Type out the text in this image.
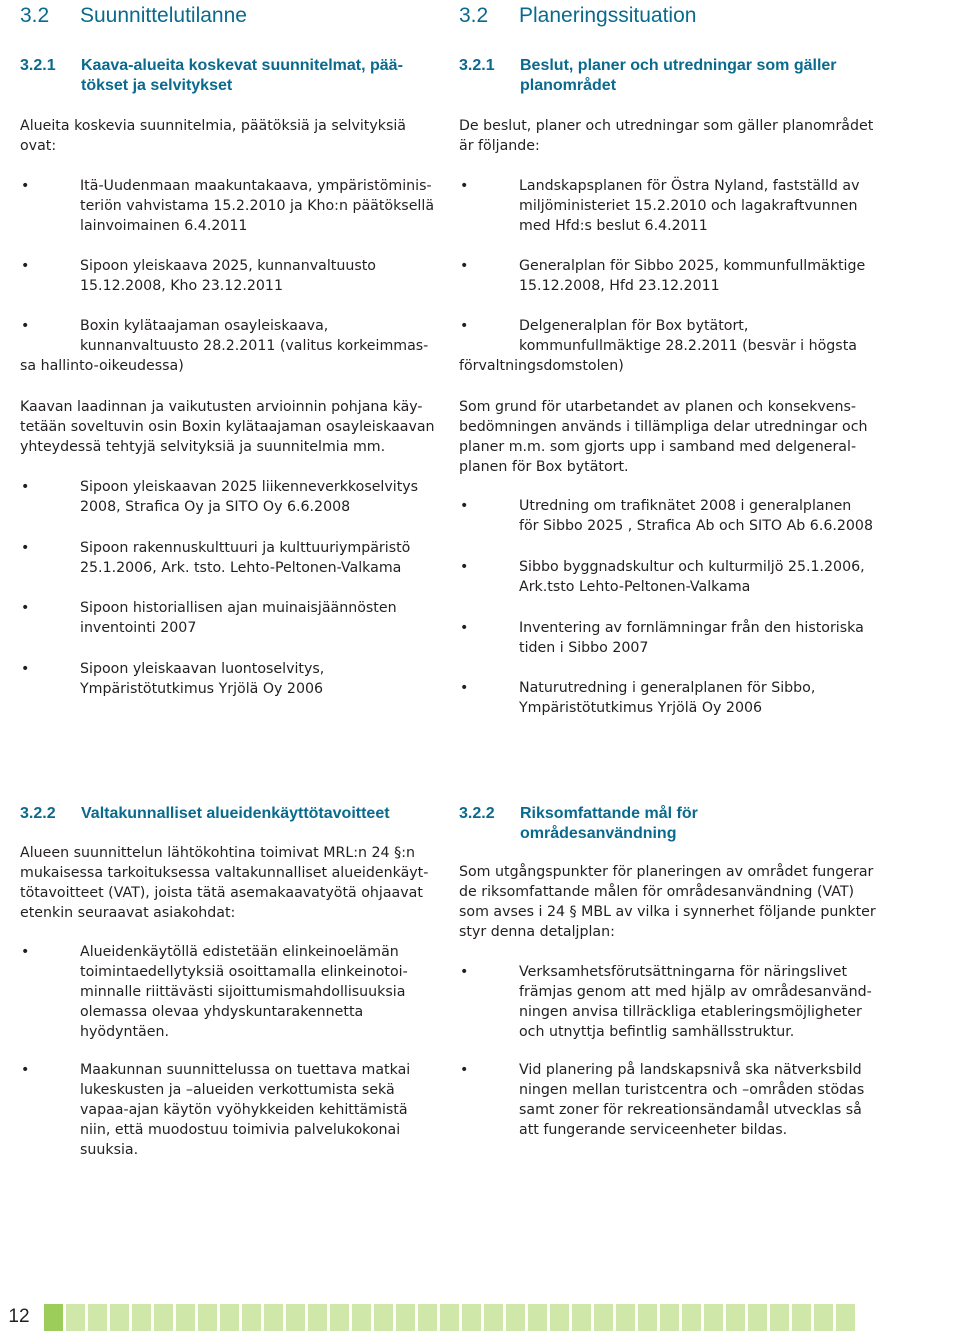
3.2 Suunnittelutilanne
3.2.1 Kaava-alueita koskevat suunnitelmat, pää-
tökset ja selvitykset

Alueita koskevia suunnitelmia, päätöksiä ja selvityksiä
ovat:

•	Itä-Uudenmaan maakuntakaava, ympäristöminis-
teriön vahvistama 15.2.2010 ja Kho:n päätöksellä
lainvoimainen 6.4.2011
•	Sipoon yleiskaava 2025, kunnanvaltuusto
15.12.2008, Kho 23.12.2011
•	Boxin kylätaajaman osayleiskaava,
kunnanvaltuusto 28.2.2011 (valitus korkeimmas-
sa hallinto-oikeudessa)

Kaavan laadinnan ja vaikutusten arvioinnin pohjana käy-
tetään soveltuvin osin Boxin kylätaajaman osayleiskaavan
yhteydessä tehtyjä selvityksiä ja suunnitelmia mm.

•	Sipoon yleiskaavan 2025 liikenneverkkoselvitys
2008, Strafica Oy ja SITO Oy 6.6.2008
•	Sipoon rakennuskulttuuri ja kulttuuriympäristö
25.1.2006, Ark. tsto. Lehto-Peltonen-Valkama
•	Sipoon historiallisen ajan muinaisjäännösten
inventointi 2007
•	Sipoon yleiskaavan luontoselvitys,
Ympäristötutkimus Yrjölä Oy 2006
3.2.2 Valtakunnalliset alueidenkäyttötavoitteet

Alueen suunnittelun lähtökohtina toimivat MRL:n 24 §:n
mukaisessa tarkoituksessa valtakunnalliset alueidenkäyt-
tötavoitteet (VAT), joista tätä asemakaavatyötä ohjaavat
etenkin seuraavat asiakohdat:

•	Alueidenkäytöllä edistetään elinkeinoelämän
toimintaedellytyksiä osoittamalla elinkeinotoi-
minnalle riittävästi sijoittumismahdollisuuksia
olemassa olevaa yhdyskuntarakennetta
hyödyntäen.
•	Maakunnan suunnittelussa on tuettava matkai
lukeskusten ja –alueiden verkottumista sekä
vapaa-ajan käytön vyöhykkeiden kehittämistä
niin, että muodostuu toimivia palvelukokonai
suuksia.
3.2 Planeringssituation
3.2.1 Beslut, planer och utredningar som gäller
planområdet

De beslut, planer och utredningar som gäller planområdet
är följande:

•	Landskapsplanen för Östra Nyland, fastställd av
miljöministeriet 15.2.2010 och lagakraftvunnen
med Hfd:s beslut 6.4.2011
•	Generalplan för Sibbo 2025, kommunfullmäktige
15.12.2008, Hfd 23.12.2011
•	Delgeneralplan för Box bytätort,
kommunfullmäktige 28.2.2011 (besvär i högsta
förvaltningsdomstolen)

Som grund för utarbetandet av planen och konsekvens-
bedömningen används i tillämpliga delar utredningar och
planer m.m. som gjorts upp i samband med delgeneral-
planen för Box bytätort.

•	Utredning om trafiknätet 2008 i generalplanen
för Sibbo 2025 , Strafica Ab och SITO Ab 6.6.2008
•	Sibbo byggnadskultur och kulturmiljö 25.1.2006,
Ark.tsto Lehto-Peltonen-Valkama
•	Inventering av fornlämningar från den historiska
tiden i Sibbo 2007
•	Naturutredning i generalplanen för Sibbo,
Ympäristötutkimus Yrjölä Oy 2006
3.2.2 Riksomfattande mål för
områdesanvändning

Som utgångspunkter för planeringen av området fungerar
de riksomfattande målen för områdesanvändning (VAT)
som avses i 24 § MBL av vilka i synnerhet följande punkter
styr denna detaljplan:

•	Verksamhetsförutsättningarna för näringslivet
främjas genom att med hjälp av områdesanvänd-
ningen anvisa tillräckliga etableringsmöjligheter
och utnyttja befintlig samhällsstruktur.
•	Vid planering på landskapsnivå ska nätverksbild
ningen mellan turistcentra och –områden stödas
samt zoner för rekreationsändamål utvecklas så
att fungerande serviceenheter bildas.
12
